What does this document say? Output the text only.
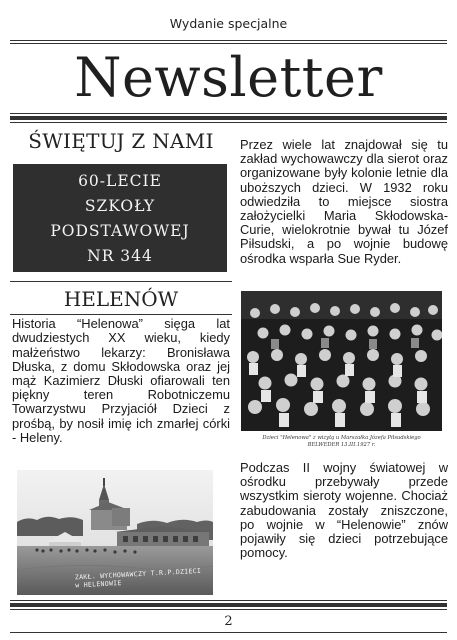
Wydanie specjalne
Newsletter
ŚWIĘTUJ Z NAMI
60-LECIE
SZKOŁY
PODSTAWOWEJ
NR 344
HELENÓW
Historia “Helenowa” sięga lat dwudziestych XX wieku, kiedy małżeństwo lekarzy: Bronisława Dłuska, z domu Skłodowska oraz jej mąż Kazimierz Dłuski ofiarowali ten piękny teren Robotniczemu Towarzystwu Przyjaciół Dzieci z prośbą, by nosił imię ich zmarłej córki - Heleny.
ZAKŁ. WYCHOWAWCZY T.R.P.DZIECI w HELENOWIE
Przez wiele lat znajdował się tu zakład wychowawczy dla sierot oraz organizowane były kolonie letnie dla uboższych dzieci. W 1932 roku odwiedziła to miejsce siostra założycielki Maria Skłodowska-Curie, wielokrotnie bywał tu Józef Piłsudski, a po wojnie budowę ośrodka wsparła Sue Ryder.
Dzieci "Helenowa" z wizytą u Marszałka Józefa Piłsudskiego
BELWEDER 13.III.1927 r.
Podczas II wojny światowej w ośrodku przebywały przede wszystkim sieroty wojenne. Chociaż zabudowania zostały zniszczone, po wojnie w “Helenowie” znów pojawiły się dzieci potrzebujące pomocy.
2
